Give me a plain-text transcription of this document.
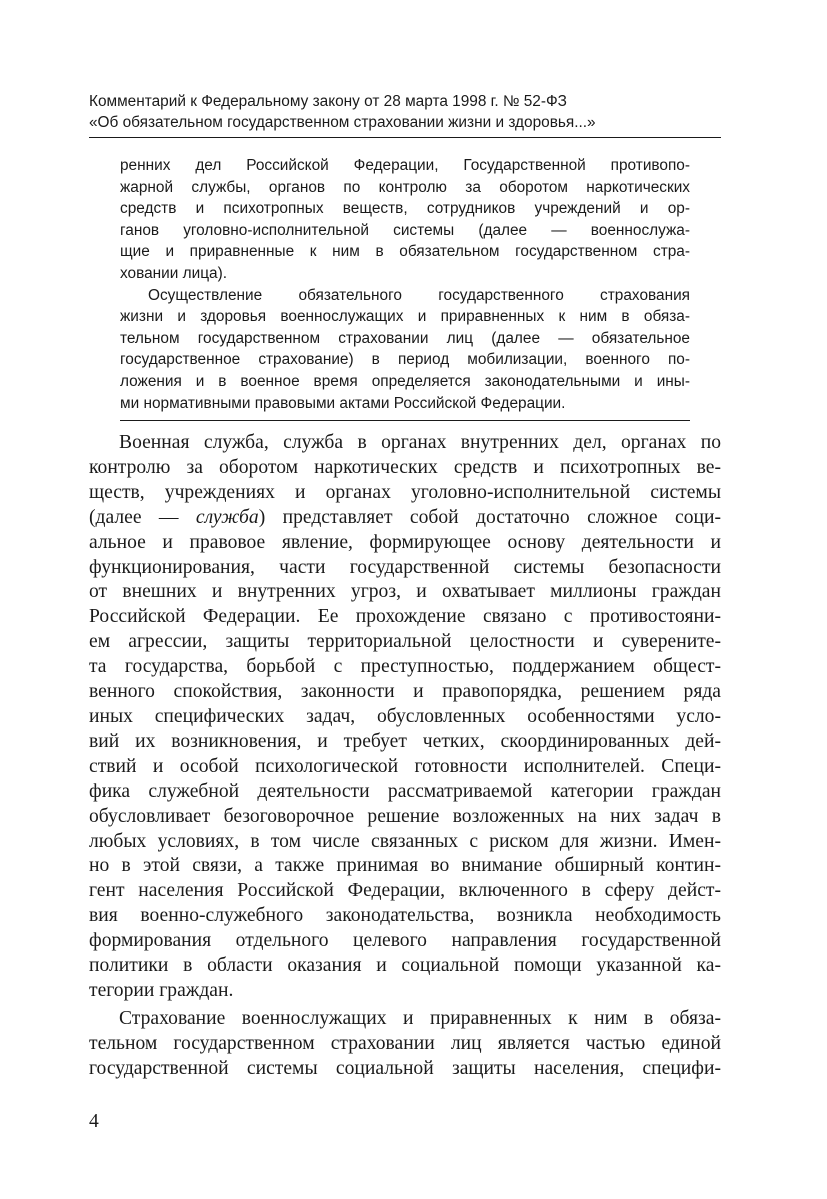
Комментарий к Федеральному закону от 28 марта 1998 г. № 52-ФЗ
«Об обязательном государственном страховании жизни и здоровья...»
ренних дел Российской Федерации, Государственной противопо-
жарной службы, органов по контролю за оборотом наркотических
средств и психотропных веществ, сотрудников учреждений и ор-
ганов уголовно-исполнительной системы (далее — военнослужа-
щие и приравненные к ним в обязательном государственном стра-
ховании лица).
Осуществление обязательного государственного страхования
жизни и здоровья военнослужащих и приравненных к ним в обяза-
тельном государственном страховании лиц (далее — обязательное
государственное страхование) в период мобилизации, военного по-
ложения и в военное время определяется законодательными и ины-
ми нормативными правовыми актами Российской Федерации.
Военная служба, служба в органах внутренних дел, органах по
контролю за оборотом наркотических средств и психотропных ве-
ществ, учреждениях и органах уголовно-исполнительной системы
(далее — служба) представляет собой достаточно сложное соци-
альное и правовое явление, формирующее основу деятельности и
функционирования, части государственной системы безопасности
от внешних и внутренних угроз, и охватывает миллионы граждан
Российской Федерации. Ее прохождение связано с противостояни-
ем агрессии, защиты территориальной целостности и суверените-
та государства, борьбой с преступностью, поддержанием общест-
венного спокойствия, законности и правопорядка, решением ряда
иных специфических задач, обусловленных особенностями усло-
вий их возникновения, и требует четких, скоординированных дей-
ствий и особой психологической готовности исполнителей. Специ-
фика служебной деятельности рассматриваемой категории граждан
обусловливает безоговорочное решение возложенных на них задач в
любых условиях, в том числе связанных с риском для жизни. Имен-
но в этой связи, а также принимая во внимание обширный контин-
гент населения Российской Федерации, включенного в сферу дейст-
вия военно-служебного законодательства, возникла необходимость
формирования отдельного целевого направления государственной
политики в области оказания и социальной помощи указанной ка-
тегории граждан.
Страхование военнослужащих и приравненных к ним в обяза-
тельном государственном страховании лиц является частью единой
государственной системы социальной защиты населения, специфи-
4
